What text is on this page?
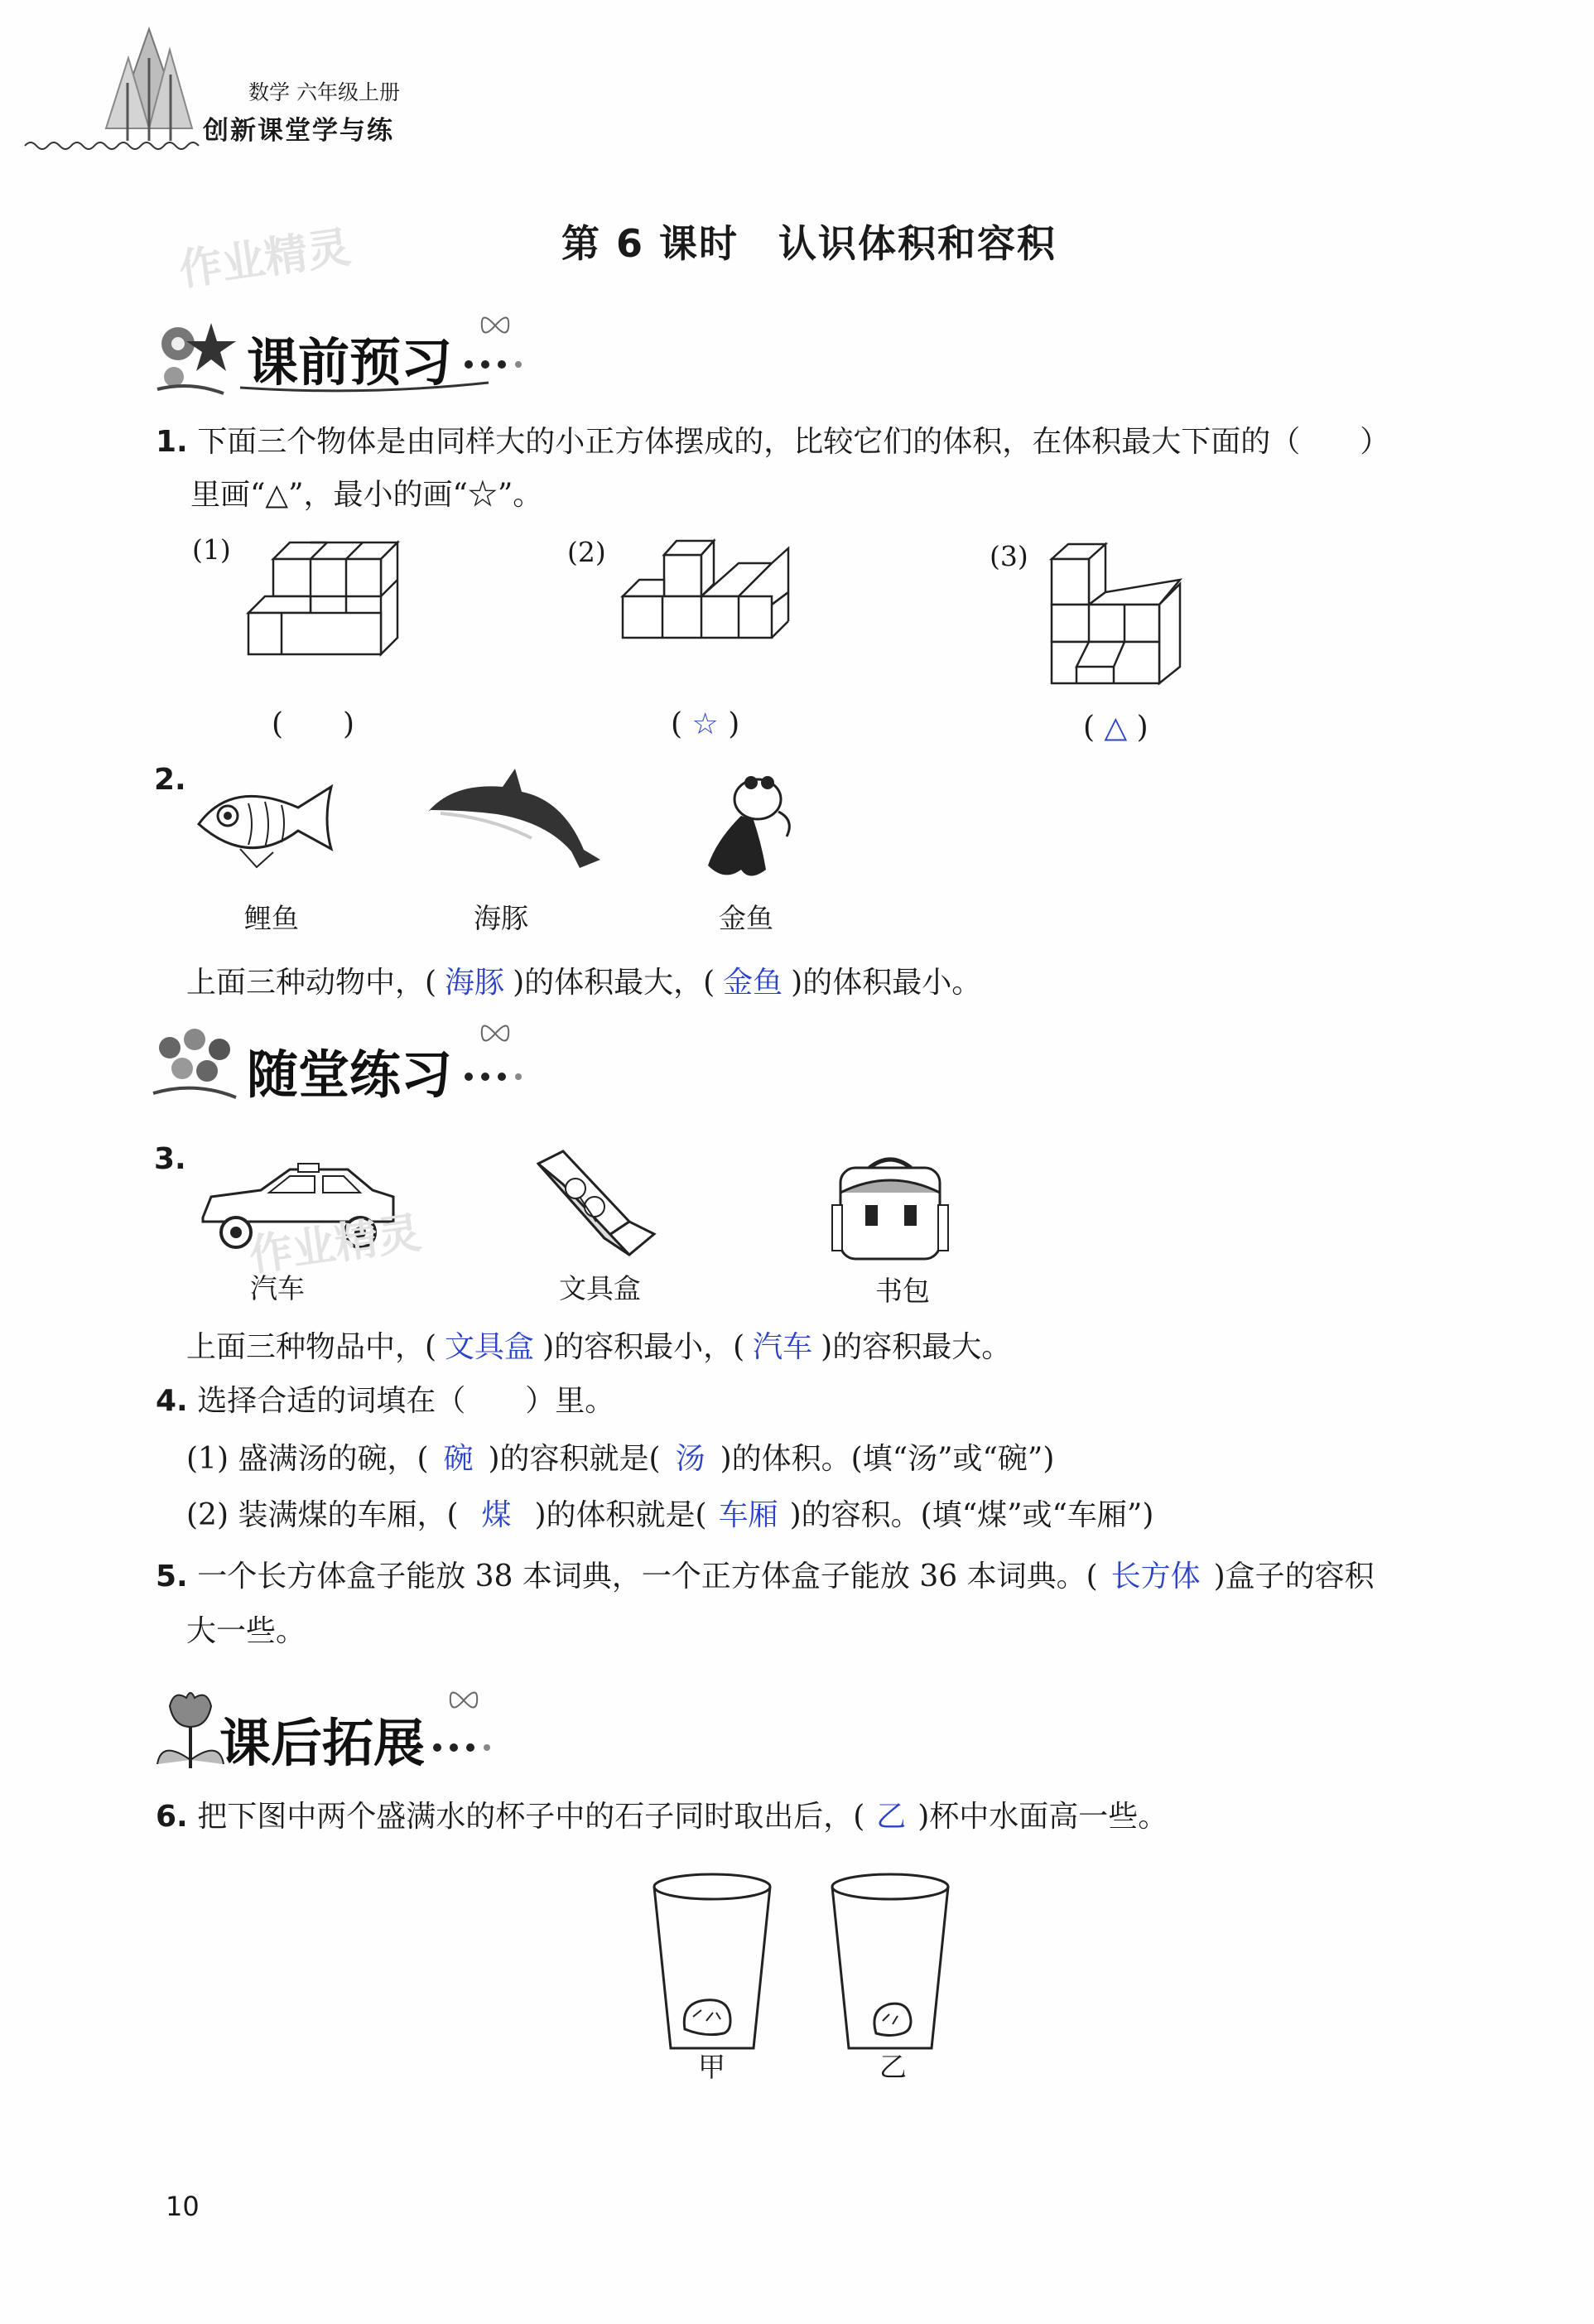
数学 六年级上册
创新课堂学与练
作业精灵	第 6 课时　认识体积和容积
课前预习
1. 下面三个物体是由同样大的小正方体摆成的，比较它们的体积，在体积最大下面的（　　）
里画“△”，最小的画“☆”。
(1)	(2)	(3)
(　　)	( ☆ )	( △ )
2.
鲤鱼	海豚	金鱼
上面三种动物中，( 海豚 )的体积最大，( 金鱼 )的体积最小。
随堂练习
3.
作业精灵
汽车	文具盒	书包
上面三种物品中，( 文具盒 )的容积最小，( 汽车 )的容积最大。
4. 选择合适的词填在（　　）里。
(1) 盛满汤的碗，( 碗 )的容积就是( 汤 )的体积。(填“汤”或“碗”)
(2) 装满煤的车厢，( 煤 )的体积就是( 车厢 )的容积。(填“煤”或“车厢”)
5. 一个长方体盒子能放 38 本词典，一个正方体盒子能放 36 本词典。( 长方体 )盒子的容积
大一些。
课后拓展
6. 把下图中两个盛满水的杯子中的石子同时取出后，( 乙 )杯中水面高一些。
甲	乙
10
